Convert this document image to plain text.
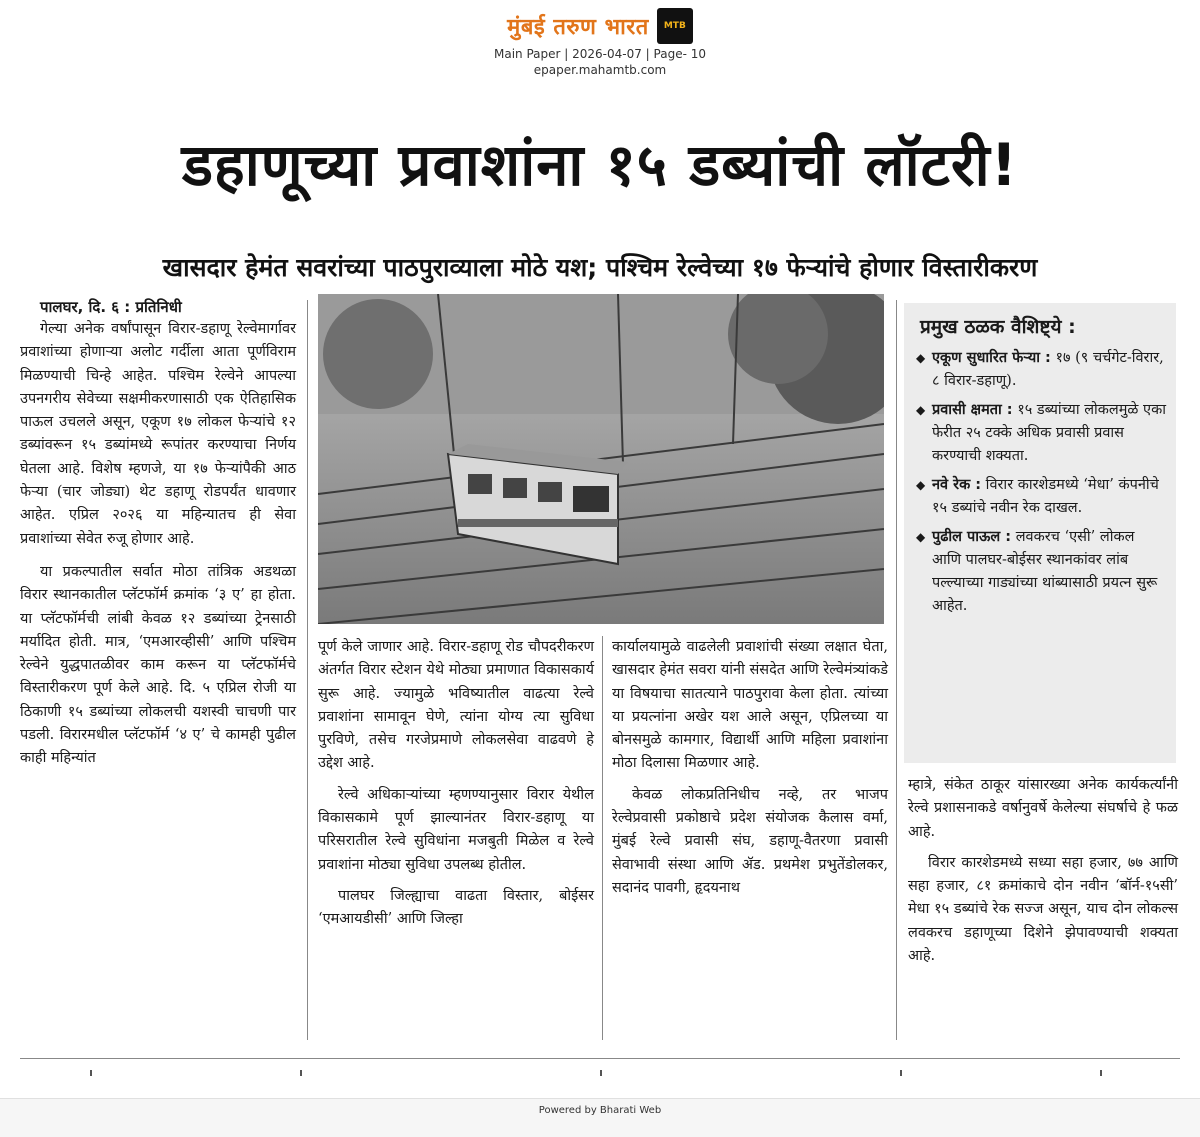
मुंबई तरुण भारत	MTB
Main Paper | 2026-04-07 | Page- 10
epaper.mahamtb.com
डहाणूच्या प्रवाशांना १५ डब्यांची लॉटरी!
खासदार हेमंत सवरांच्या पाठपुराव्याला मोठे यश; पश्चिम रेल्वेच्या १७ फेऱ्यांचे होणार विस्तारीकरण

पालघर, दि. ६ : प्रतिनिधी

गेल्या अनेक वर्षांपासून विरार-डहाणू रेल्वेमार्गावर प्रवाशांच्या होणाऱ्या अलोट गर्दीला आता पूर्णविराम मिळण्याची चिन्हे आहेत. पश्चिम रेल्वेने आपल्या उपनगरीय सेवेच्या सक्षमीकरणासाठी एक ऐतिहासिक पाऊल उचलले असून, एकूण १७ लोकल फेऱ्यांचे १२ डब्यांवरून १५ डब्यांमध्ये रूपांतर करण्याचा निर्णय घेतला आहे. विशेष म्हणजे, या १७ फेऱ्यांपैकी आठ फेऱ्या (चार जोड्या) थेट डहाणू रोडपर्यंत धावणार आहेत. एप्रिल २०२६ या महिन्यातच ही सेवा प्रवाशांच्या सेवेत रुजू होणार आहे.

या प्रकल्पातील सर्वात मोठा तांत्रिक अडथळा विरार स्थानकातील प्लॅटफॉर्म क्रमांक ‘३ ए’ हा होता. या प्लॅटफॉर्मची लांबी केवळ १२ डब्यांच्या ट्रेनसाठी मर्यादित होती. मात्र, ‘एमआरव्हीसी’ आणि पश्चिम रेल्वेने युद्धपातळीवर काम करून या प्लॅटफॉर्मचे विस्तारीकरण पूर्ण केले आहे. दि. ५ एप्रिल रोजी या ठिकाणी १५ डब्यांच्या लोकलची यशस्वी चाचणी पार पडली. विरारमधील प्लॅटफॉर्म ‘४ ए’ चे कामही पुढील काही महिन्यांत

प्रमुख ठळक वैशिष्ट्ये :
◆ एकूण सुधारित फेऱ्या : १७ (९ चर्चगेट-विरार, ८ विरार-डहाणू).
◆ प्रवासी क्षमता : १५ डब्यांच्या लोकलमुळे एका फेरीत २५ टक्के अधिक प्रवासी प्रवास करण्याची शक्यता.
◆ नवे रेक : विरार कारशेडमध्ये ‘मेधा’ कंपनीचे १५ डब्यांचे नवीन रेक दाखल.
◆ पुढील पाऊल : लवकरच ‘एसी’ लोकल आणि पालघर-बोईसर स्थानकांवर लांब पल्ल्याच्या गाड्यांच्या थांब्यासाठी प्रयत्न सुरू आहेत.

पूर्ण केले जाणार आहे. विरार-डहाणू रोड चौपदरीकरण अंतर्गत विरार स्टेशन येथे मोठ्या प्रमाणात विकासकार्य सुरू आहे. ज्यामुळे भविष्यातील वाढत्या रेल्वे प्रवाशांना सामावून घेणे, त्यांना योग्य त्या सुविधा पुरविणे, तसेच गरजेप्रमाणे लोकलसेवा वाढवणे हे उद्देश आहे.

रेल्वे अधिकाऱ्यांच्या म्हणण्यानुसार विरार येथील विकासकामे पूर्ण झाल्यानंतर विरार-डहाणू या परिसरातील रेल्वे सुविधांना मजबुती मिळेल व रेल्वे प्रवाशांना मोठ्या सुविधा उपलब्ध होतील.

पालघर जिल्ह्याचा वाढता विस्तार, बोईसर ‘एमआयडीसी’ आणि जिल्हा

कार्यालयामुळे वाढलेली प्रवाशांची संख्या लक्षात घेता, खासदार हेमंत सवरा यांनी संसदेत आणि रेल्वेमंत्र्यांकडे या विषयाचा सातत्याने पाठपुरावा केला होता. त्यांच्या या प्रयत्नांना अखेर यश आले असून, एप्रिलच्या या बोनसमुळे कामगार, विद्यार्थी आणि महिला प्रवाशांना मोठा दिलासा मिळणार आहे.

केवळ लोकप्रतिनिधीच नव्हे, तर भाजप रेल्वेप्रवासी प्रकोष्ठाचे प्रदेश संयोजक कैलास वर्मा, मुंबई रेल्वे प्रवासी संघ, डहाणू-वैतरणा प्रवासी सेवाभावी संस्था आणि ॲड. प्रथमेश प्रभुतेंडोलकर, सदानंद पावगी, हृदयनाथ

म्हात्रे, संकेत ठाकूर यांसारख्या अनेक कार्यकर्त्यांनी रेल्वे प्रशासनाकडे वर्षानुवर्षे केलेल्या संघर्षाचे हे फळ आहे.

विरार कारशेडमध्ये सध्या सहा हजार, ७७ आणि सहा हजार, ८१ क्रमांकाचे दोन नवीन ‘बॉर्न-१५सी’ मेधा १५ डब्यांचे रेक सज्ज असून, याच दोन लोकल्स लवकरच डहाणूच्या दिशेने झेपावण्याची शक्यता आहे.

Powered by Bharati Web
